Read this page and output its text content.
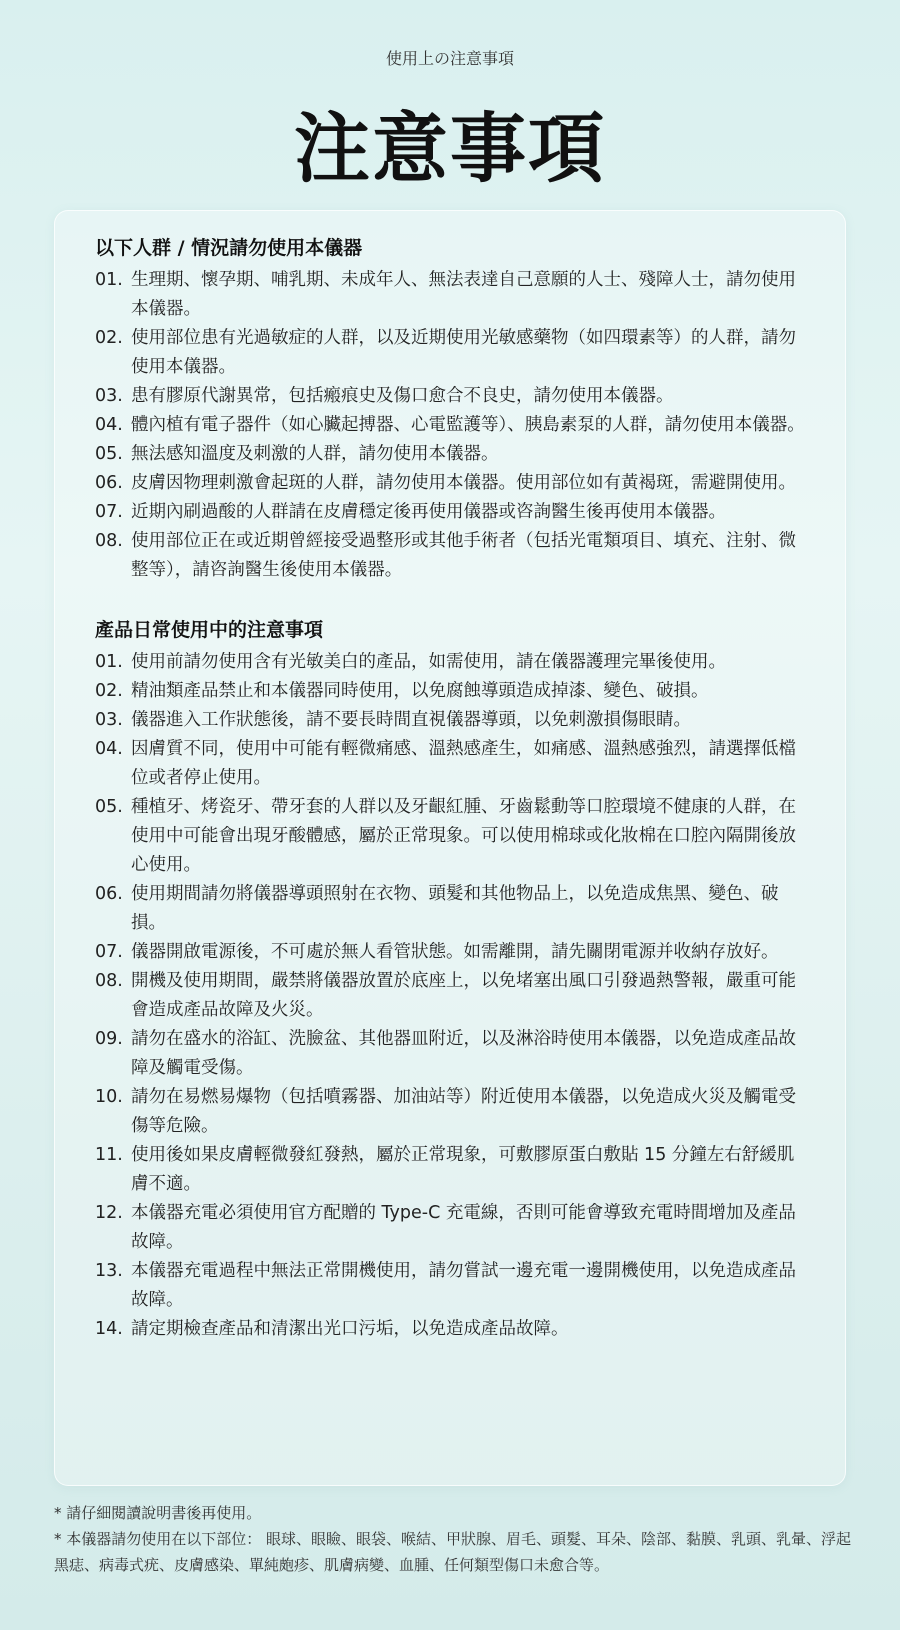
使用上の注意事項
注意事項
以下人群 / 情況請勿使用本儀器
01. 生理期、懷孕期、哺乳期、未成年人、無法表達自己意願的人士、殘障人士，請勿使用本儀器。
02. 使用部位患有光過敏症的人群，以及近期使用光敏感藥物（如四環素等）的人群，請勿使用本儀器。
03. 患有膠原代謝異常，包括瘢痕史及傷口愈合不良史，請勿使用本儀器。
04. 體內植有電子器件（如心臟起搏器、心電監護等）、胰島素泵的人群，請勿使用本儀器。
05. 無法感知溫度及刺激的人群，請勿使用本儀器。
06. 皮膚因物理刺激會起斑的人群，請勿使用本儀器。使用部位如有黃褐斑，需避開使用。
07. 近期內刷過酸的人群請在皮膚穩定後再使用儀器或咨詢醫生後再使用本儀器。
08. 使用部位正在或近期曾經接受過整形或其他手術者（包括光電類項目、填充、注射、微整等），請咨詢醫生後使用本儀器。
產品日常使用中的注意事項
01. 使用前請勿使用含有光敏美白的產品，如需使用，請在儀器護理完畢後使用。
02. 精油類產品禁止和本儀器同時使用，以免腐蝕導頭造成掉漆、變色、破損。
03. 儀器進入工作狀態後，請不要長時間直視儀器導頭，以免刺激損傷眼睛。
04. 因膚質不同，使用中可能有輕微痛感、溫熱感產生，如痛感、溫熱感強烈，請選擇低檔位或者停止使用。
05. 種植牙、烤瓷牙、帶牙套的人群以及牙齦紅腫、牙齒鬆動等口腔環境不健康的人群，在使用中可能會出現牙酸體感，屬於正常現象。可以使用棉球或化妝棉在口腔內隔開後放心使用。
06. 使用期間請勿將儀器導頭照射在衣物、頭髮和其他物品上，以免造成焦黑、變色、破損。
07. 儀器開啟電源後，不可處於無人看管狀態。如需離開，請先關閉電源并收納存放好。
08. 開機及使用期間，嚴禁將儀器放置於底座上，以免堵塞出風口引發過熱警報，嚴重可能會造成產品故障及火災。
09. 請勿在盛水的浴缸、洗臉盆、其他器皿附近，以及淋浴時使用本儀器，以免造成產品故障及觸電受傷。
10. 請勿在易燃易爆物（包括噴霧器、加油站等）附近使用本儀器，以免造成火災及觸電受傷等危險。
11. 使用後如果皮膚輕微發紅發熱，屬於正常現象，可敷膠原蛋白敷貼 15 分鐘左右舒緩肌膚不適。
12. 本儀器充電必須使用官方配贈的 Type-C 充電線，否則可能會導致充電時間增加及產品故障。
13. 本儀器充電過程中無法正常開機使用，請勿嘗試一邊充電一邊開機使用，以免造成產品故障。
14. 請定期檢查產品和清潔出光口污垢，以免造成產品故障。

* 請仔細閱讀說明書後再使用。

* 本儀器請勿使用在以下部位： 眼球、眼瞼、眼袋、喉結、甲狀腺、眉毛、頭髮、耳朵、陰部、黏膜、乳頭、乳暈、浮起黑痣、病毒式疣、皮膚感染、單純皰疹、肌膚病變、血腫、任何類型傷口未愈合等。
